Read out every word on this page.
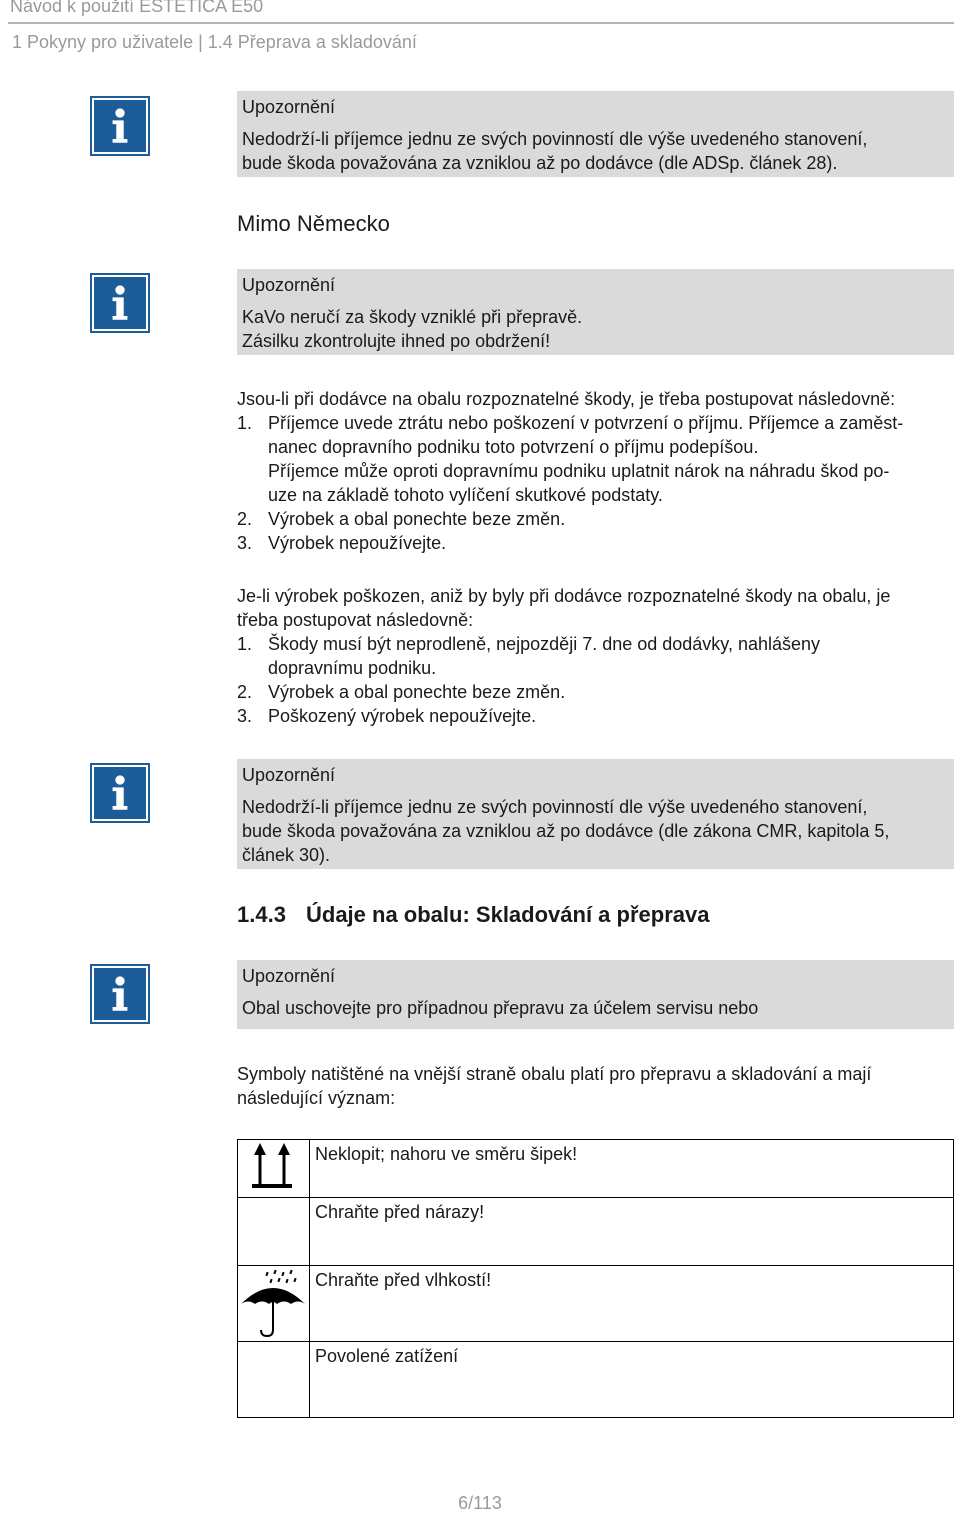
Návod k použití ESTETICA E50
1 Pokyny pro uživatele | 1.4 Přeprava a skladování
Upozornění
Nedodrží-li příjemce jednu ze svých povinností dle výše uvedeného stanovení,
bude škoda považována za vzniklou až po dodávce (dle ADSp. článek 28).
Mimo Německo
Upozornění
KaVo neručí za škody vzniklé při přepravě.
Zásilku zkontrolujte ihned po obdržení!
Jsou-li při dodávce na obalu rozpoznatelné škody, je třeba postupovat následovně:
1. Příjemce uvede ztrátu nebo poškození v potvrzení o příjmu. Příjemce a zaměst-
nanec dopravního podniku toto potvrzení o příjmu podepíšou.
Příjemce může oproti dopravnímu podniku uplatnit nárok na náhradu škod po-
uze na základě tohoto vylíčení skutkové podstaty.
2. Výrobek a obal ponechte beze změn.
3. Výrobek nepoužívejte.
Je-li výrobek poškozen, aniž by byly při dodávce rozpoznatelné škody na obalu, je
třeba postupovat následovně:
1. Škody musí být neprodleně, nejpozději 7. dne od dodávky, nahlášeny
dopravnímu podniku.
2. Výrobek a obal ponechte beze změn.
3. Poškozený výrobek nepoužívejte.
Upozornění
Nedodrží-li příjemce jednu ze svých povinností dle výše uvedeného stanovení,
bude škoda považována za vzniklou až po dodávce (dle zákona CMR, kapitola 5,
článek 30).
1.4.3 Údaje na obalu: Skladování a přeprava
Upozornění
Obal uschovejte pro případnou přepravu za účelem servisu nebo
Symboly natištěné na vnější straně obalu platí pro přepravu a skladování a mají
následující význam:
	Neklopit; nahoru ve směru šipek!

	Chraňte před nárazy!

	Chraňte před vlhkostí!

	Povolené zatížení
6/113
